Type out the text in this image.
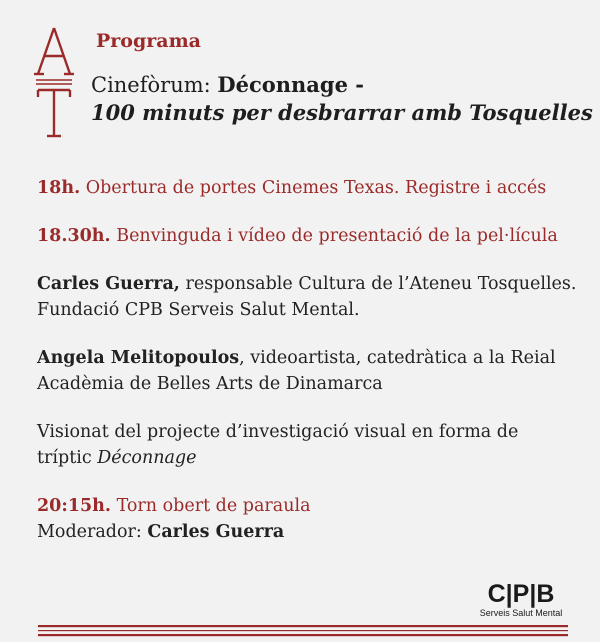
Programa
Cinefòrum: Déconnage -
100 minuts per desbrarrar amb Tosquelles
18h. Obertura de portes Cinemes Texas. Registre i accés
18.30h. Benvinguda i vídeo de presentació de la pel·lícula
Carles Guerra, responsable Cultura de l’Ateneu Tosquelles. Fundació CPB Serveis Salut Mental.
Angela Melitopoulos, videoartista, catedràtica a la Reial Acadèmia de Belles Arts de Dinamarca
Visionat del projecte d’investigació visual en forma de tríptic Déconnage
20:15h. Torn obert de paraula
Moderador: Carles Guerra
C|P|B
Serveis Salut Mental
